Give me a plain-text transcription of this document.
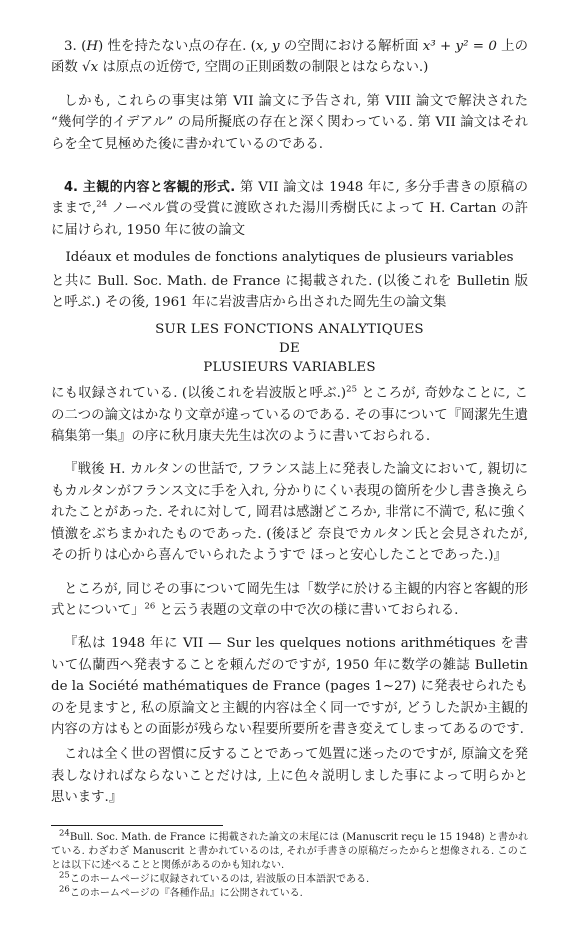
3. (H) 性を持たない点の存在. (x, y の空間における解析面 x³ + y² = 0 上の函数 √x は原点の近傍で, 空間の正則函数の制限とはならない.)

しかも, これらの事実は第 VII 論文に予告され, 第 VIII 論文で解決された “幾何学的イデアル” の局所擬底の存在と深く関わっている. 第 VII 論文はそれらを全て見極めた後に書かれているのである.

4. 主観的内容と客観的形式. 第 VII 論文は 1948 年に, 多分手書きの原稿のままで,$^{24}$ ノーベル賞の受賞に渡欧された湯川秀樹氏によって H. Cartan の許に届けられ, 1950 年に彼の論文

Idéaux et modules de fonctions analytiques de plusieurs variables

と共に Bull. Soc. Math. de France に掲載された. (以後これを Bulletin 版と呼ぶ.) その後, 1961 年に岩波書店から出された岡先生の論文集

SUR LES FONCTIONS ANALYTIQUES
DE
PLUSIEURS VARIABLES

にも収録されている. (以後これを岩波版と呼ぶ.)$^{25}$ ところが, 奇妙なことに, この二つの論文はかなり文章が違っているのである. その事について『岡潔先生遺稿集第一集』の序に秋月康夫先生は次のように書いておられる.

『戦後 H. カルタンの世話で, フランス誌上に発表した論文において, 親切にもカルタンがフランス文に手を入れ, 分かりにくい表現の箇所を少し書き換えられたことがあった. それに対して, 岡君は感謝どころか, 非常に不満で, 私に強く憤激をぶちまかれたものであった. (後ほど 奈良でカルタン氏と会見されたが, その折りは心から喜んでいられたようすで ほっと安心したことであった.)』

ところが, 同じその事について岡先生は「数学に於ける主観的内容と客観的形式とについて」$^{26}$ と云う表題の文章の中で次の様に書いておられる.

『私は 1948 年に VII — Sur les quelques notions arithmétiques を書いて仏蘭西へ発表することを頼んだのですが, 1950 年に数学の雑誌 Bulletin de la Société mathématiques de France (pages 1∼27) に発表せられたものを見ますと, 私の原論文と主観的内容は全く同一ですが, どうした訳か主観的内容の方はもとの面影が残らない程要所要所を書き変えてしまってあるのです.

これは全く世の習慣に反することであって処置に迷ったのですが, 原論文を発表しなければならないことだけは, 上に色々説明しました事によって明らかと思います.』

$^{24}$Bull. Soc. Math. de France に掲載された論文の末尾には (Manuscrit reçu le 15 1948) と書かれている. わざわざ Manuscrit と書かれているのは, それが手書きの原稿だったからと想像される. このことは以下に述べることと関係があるのかも知れない.

$^{25}$このホームページに収録されているのは, 岩波版の日本語訳である.

$^{26}$このホームページの『各種作品』に公開されている.
